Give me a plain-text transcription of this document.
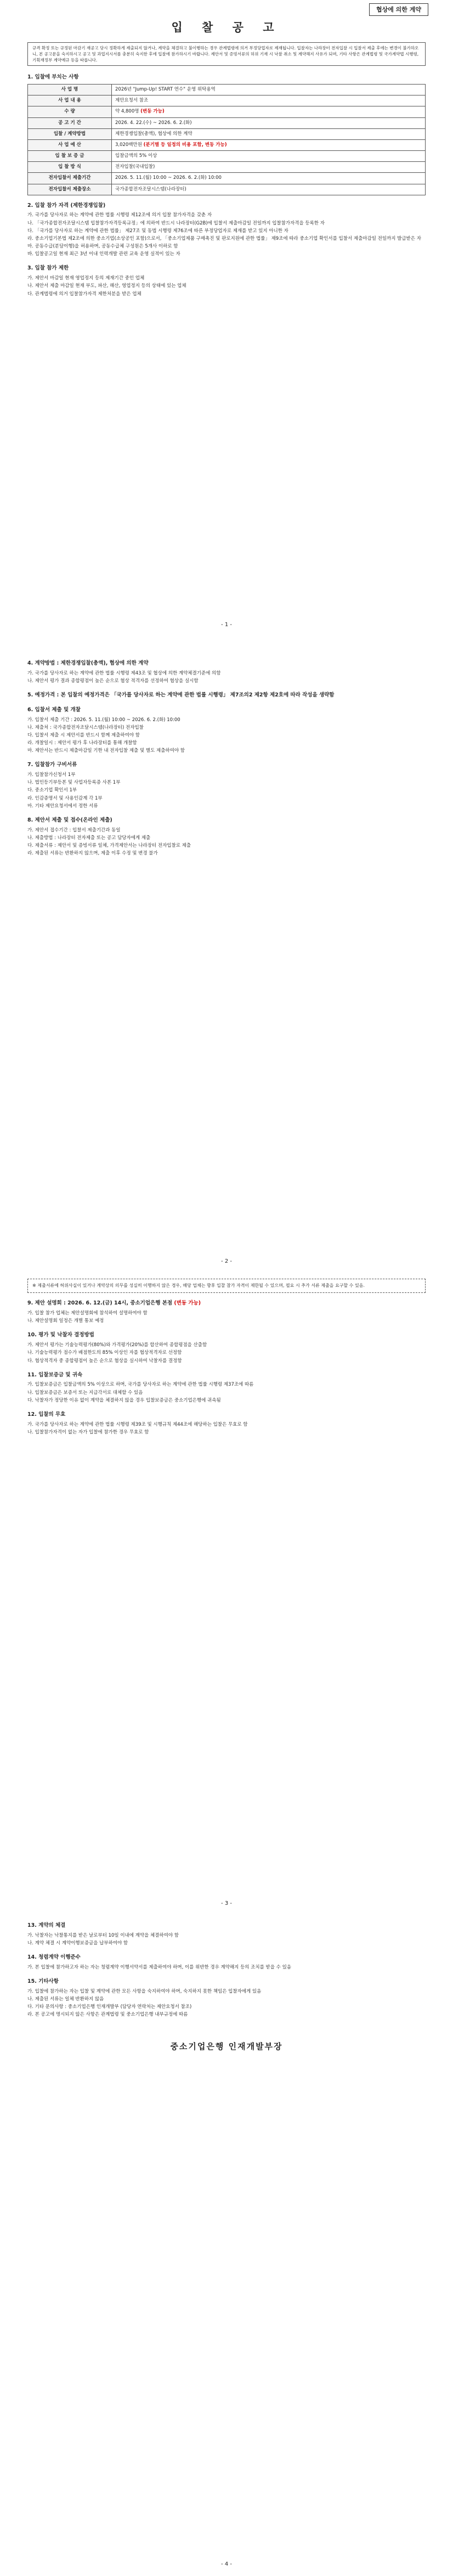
협상에 의한 계약
입 찰 공 고
규격 확정 또는 규정된 마감기 재공고 당시 정확하게 제출되지 않거나, 계약을 체결하고 불이행하는 경우 관계법령에 의거 부정당업자로 제재됩니다. 입찰자는 나라장터 전자입찰 시 입찰서 제출 후에는 변경이 불가하오니, 본 공고문을 숙지하시고 공고 및 과업지시서를 충분히 숙지한 후에 입찰에 참가하시기 바랍니다. 제안서 및 증빙서류의 허위 기재 시 낙찰 취소 및 계약해지 사유가 되며, 기타 사항은 관계법령 및 국가계약법 시행령, 기획재정부 계약예규 등을 따릅니다.
1. 입찰에 부치는 사항
사 업 명	2026년 "Jump-Up! START 연수" 운영 위탁용역
사 업 내 용	제안요청서 참조
수 량	약 4,800명 (변동 가능)
공 고 기 간	2026. 4. 22.(수) ~ 2026. 6. 2.(화)
입찰 / 계약방법	제한경쟁입찰(총액), 협상에 의한 계약
사 업 예 산	3,020백만원 (분기별 등 일정의 비용 포함, 변동 가능)
입 찰 보 증 금	입찰금액의 5% 이상
입 찰 방 식	전자입찰(국내입찰)
전자입찰서 제출기간	2026. 5. 11.(월) 10:00 ~ 2026. 6. 2.(화) 10:00
전자입찰서 제출장소	국가종합전자조달시스템(나라장터)
2. 입찰 참가 자격 (제한경쟁입찰)

가. 국가를 당사자로 하는 계약에 관한 법률 시행령 제12조에 의거 입찰 참가자격을 갖춘 자

나. 「국가종합전자조달시스템 입찰참가자격등록규정」에 의하여 반드시 나라장터(G2B)에 입찰서 제출마감일 전일까지 입찰참가자격을 등록한 자

다. 「국가를 당사자로 하는 계약에 관한 법률」 제27조 및 동법 시행령 제76조에 따른 부정당업자로 제재를 받고 있지 아니한 자

라. 중소기업기본법 제2조에 의한 중소기업(소상공인 포함)으로서, 「중소기업제품 구매촉진 및 판로지원에 관한 법률」 제9조에 따라 중소기업 확인서를 입찰서 제출마감일 전일까지 발급받은 자

마. 공동수급(분담이행)을 허용하며, 공동수급체 구성원은 5개사 이하로 함

바. 입찰공고일 현재 최근 3년 이내 인력개발 관련 교육 운영 실적이 있는 자

3. 입찰 참가 제한

가. 제안서 마감일 현재 영업정지 등의 제재기간 중인 업체

나. 제안서 제출 마감일 현재 부도, 파산, 해산, 영업정지 등의 상태에 있는 업체

다. 관계법령에 의거 입찰참가자격 제한처분을 받은 업체

- 1 -
4. 계약방법 : 제한경쟁입찰(총액), 협상에 의한 계약

가. 국가를 당사자로 하는 계약에 관한 법률 시행령 제43조 및 협상에 의한 계약체결기준에 의함

나. 제안서 평가 결과 종합평점이 높은 순으로 협상 적격자를 선정하여 협상을 실시함

5. 예정가격 : 본 입찰의 예정가격은 「국가를 당사자로 하는 계약에 관한 법률 시행령」 제7조의2 제2항 제2호에 따라 작성을 생략함
6. 입찰서 제출 및 개찰

가. 입찰서 제출 기간 : 2026. 5. 11.(월) 10:00 ~ 2026. 6. 2.(화) 10:00

나. 제출처 : 국가종합전자조달시스템(나라장터) 전자입찰

다. 입찰서 제출 시 제안서를 반드시 함께 제출하여야 함

라. 개찰일시 : 제안서 평가 후 나라장터를 통해 개찰함

마. 제안서는 반드시 제출마감일 기한 내 전자입찰 제출 및 별도 제출하여야 함

7. 입찰참가 구비서류

가. 입찰참가신청서 1부

나. 법인등기부등본 및 사업자등록증 사본 1부

다. 중소기업 확인서 1부

라. 인감증명서 및 사용인감계 각 1부

마. 기타 제안요청서에서 정한 서류

8. 제안서 제출 및 접수(온라인 제출)

가. 제안서 접수기간 : 입찰서 제출기간과 동일

나. 제출방법 : 나라장터 전자제출 또는 공고 담당자에게 제출

다. 제출서류 : 제안서 및 증빙서류 일체, 가격제안서는 나라장터 전자입찰로 제출

라. 제출된 서류는 반환하지 않으며, 제출 이후 수정 및 변경 불가

- 2 -
※ 제출서류에 허위사실이 있거나 계약상의 의무를 성실히 이행하지 않은 경우, 해당 업체는 향후 입찰 참가 자격이 제한될 수 있으며, 필요 시 추가 서류 제출을 요구할 수 있음.
9. 제안 설명회 : 2026. 6. 12.(금) 14시, 중소기업은행 본점 (변동 가능)

가. 입찰 참가 업체는 제안설명회에 참석하여 설명하여야 함

나. 제안설명회 일정은 개별 통보 예정

10. 평가 및 낙찰자 결정방법

가. 제안서 평가는 기술능력평가(80%)와 가격평가(20%)를 합산하여 종합평점을 산출함

나. 기술능력평가 점수가 배점한도의 85% 이상인 자를 협상적격자로 선정함

다. 협상적격자 중 종합평점이 높은 순으로 협상을 실시하여 낙찰자를 결정함

11. 입찰보증금 및 귀속

가. 입찰보증금은 입찰금액의 5% 이상으로 하며, 국가를 당사자로 하는 계약에 관한 법률 시행령 제37조에 따름

나. 입찰보증금은 보증서 또는 지급각서로 대체할 수 있음

다. 낙찰자가 정당한 이유 없이 계약을 체결하지 않을 경우 입찰보증금은 중소기업은행에 귀속됨

12. 입찰의 무효

가. 국가를 당사자로 하는 계약에 관한 법률 시행령 제39조 및 시행규칙 제44조에 해당하는 입찰은 무효로 함

나. 입찰참가자격이 없는 자가 입찰에 참가한 경우 무효로 함

- 3 -
13. 계약의 체결

가. 낙찰자는 낙찰통지를 받은 날로부터 10일 이내에 계약을 체결하여야 함

나. 계약 체결 시 계약이행보증금을 납부하여야 함

14. 청렴계약 이행준수

가. 본 입찰에 참가하고자 하는 자는 청렴계약 이행서약서를 제출하여야 하며, 이를 위반한 경우 계약해지 등의 조치를 받을 수 있음

15. 기타사항

가. 입찰에 참가하는 자는 입찰 및 계약에 관한 모든 사항을 숙지하여야 하며, 숙지하지 못한 책임은 입찰자에게 있음

나. 제출된 서류는 일체 반환하지 않음

다. 기타 문의사항 : 중소기업은행 인재개발부 (담당자 연락처는 제안요청서 참조)

라. 본 공고에 명시되지 않은 사항은 관계법령 및 중소기업은행 내부규정에 따름

중소기업은행 인재개발부장
- 4 -
